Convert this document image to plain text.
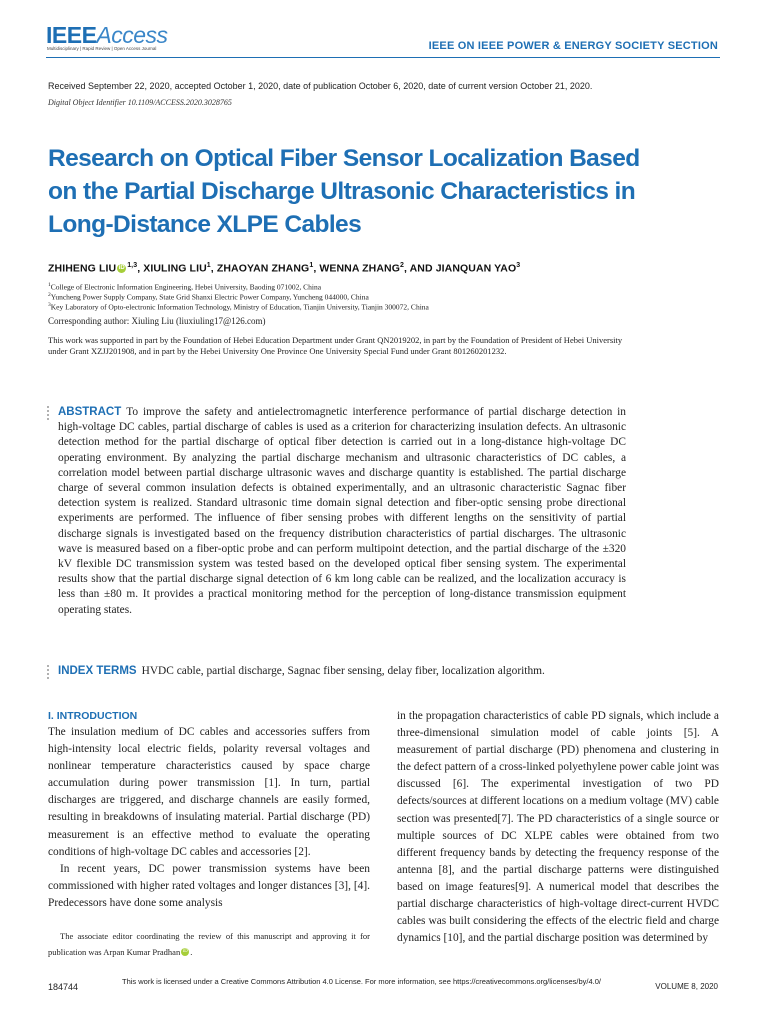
IEEEAccess
Multidisciplinary | Rapid Review | Open Access Journal	IEEE ON IEEE POWER & ENERGY SOCIETY SECTION
Received September 22, 2020, accepted October 1, 2020, date of publication October 6, 2020, date of current version October 21, 2020.
Digital Object Identifier 10.1109/ACCESS.2020.3028765
Research on Optical Fiber Sensor Localization Based on the Partial Discharge Ultrasonic Characteristics in Long-Distance XLPE Cables
ZHIHENG LIU iD $^{1,3}$, XIULING LIU$^1$, ZHAOYAN ZHANG$^1$, WENNA ZHANG$^2$, AND JIANQUAN YAO$^3$
$^1$College of Electronic Information Engineering, Hebei University, Baoding 071002, China
$^2$Yuncheng Power Supply Company, State Grid Shanxi Electric Power Company, Yuncheng 044000, China
$^3$Key Laboratory of Opto-electronic Information Technology, Ministry of Education, Tianjin University, Tianjin 300072, China
Corresponding author: Xiuling Liu (liuxiuling17@126.com)
This work was supported in part by the Foundation of Hebei Education Department under Grant QN2019202, in part by the Foundation of President of Hebei University under Grant XZJJ201908, and in part by the Hebei University One Province One University Special Fund under Grant 801260201232.
ABSTRACT To improve the safety and antielectromagnetic interference performance of partial discharge detection in high-voltage DC cables, partial discharge of cables is used as a criterion for characterizing insulation defects. An ultrasonic detection method for the partial discharge of optical fiber detection is carried out in a long-distance high-voltage DC operating environment. By analyzing the partial discharge mechanism and ultrasonic characteristics of DC cables, a correlation model between partial discharge ultrasonic waves and discharge quantity is established. The partial discharge charge of several common insulation defects is obtained experimentally, and an ultrasonic characteristic Sagnac fiber detection system is realized. Standard ultrasonic time domain signal detection and fiber-optic sensing probe directional experiments are performed. The influence of fiber sensing probes with different lengths on the sensitivity of partial discharge signals is investigated based on the frequency distribution characteristics of partial discharges. The ultrasonic wave is measured based on a fiber-optic probe and can perform multipoint detection, and the partial discharge of the ±320 kV flexible DC transmission system was tested based on the developed optical fiber sensing system. The experimental results show that the partial discharge signal detection of 6 km long cable can be realized, and the localization accuracy is less than ±80 m. It provides a practical monitoring method for the perception of long-distance transmission equipment operating states.
INDEX TERMS HVDC cable, partial discharge, Sagnac fiber sensing, delay fiber, localization algorithm.
I. INTRODUCTION

The insulation medium of DC cables and accessories suffers from high-intensity local electric fields, polarity reversal voltages and nonlinear temperature characteristics caused by space charge accumulation during power transmission [1]. In turn, partial discharges are triggered, and discharge channels are easily formed, resulting in breakdowns of insulating material. Partial discharge (PD) measurement is an effective method to evaluate the operating conditions of high-voltage DC cables and accessories [2].

In recent years, DC power transmission systems have been commissioned with higher rated voltages and longer distances [3], [4]. Predecessors have done some analysis

in the propagation characteristics of cable PD signals, which include a three-dimensional simulation model of cable joints [5]. A measurement of partial discharge (PD) phenomena and clustering in the defect pattern of a cross-linked polyethylene power cable joint was discussed [6]. The experimental investigation of two PD defects/sources at different locations on a medium voltage (MV) cable section was presented[7]. The PD characteristics of a single source or multiple sources of DC XLPE cables were obtained from two different frequency bands by detecting the frequency response of the antenna [8], and the partial discharge patterns were distinguished based on image features[9]. A numerical model that describes the partial discharge characteristics of high-voltage direct-current HVDC cables was built considering the effects of the electric field and charge dynamics [10], and the partial discharge position was determined by

The associate editor coordinating the review of this manuscript and approving it for publication was Arpan Kumar Pradhan iD .
184744
This work is licensed under a Creative Commons Attribution 4.0 License. For more information, see https://creativecommons.org/licenses/by/4.0/
VOLUME 8, 2020
